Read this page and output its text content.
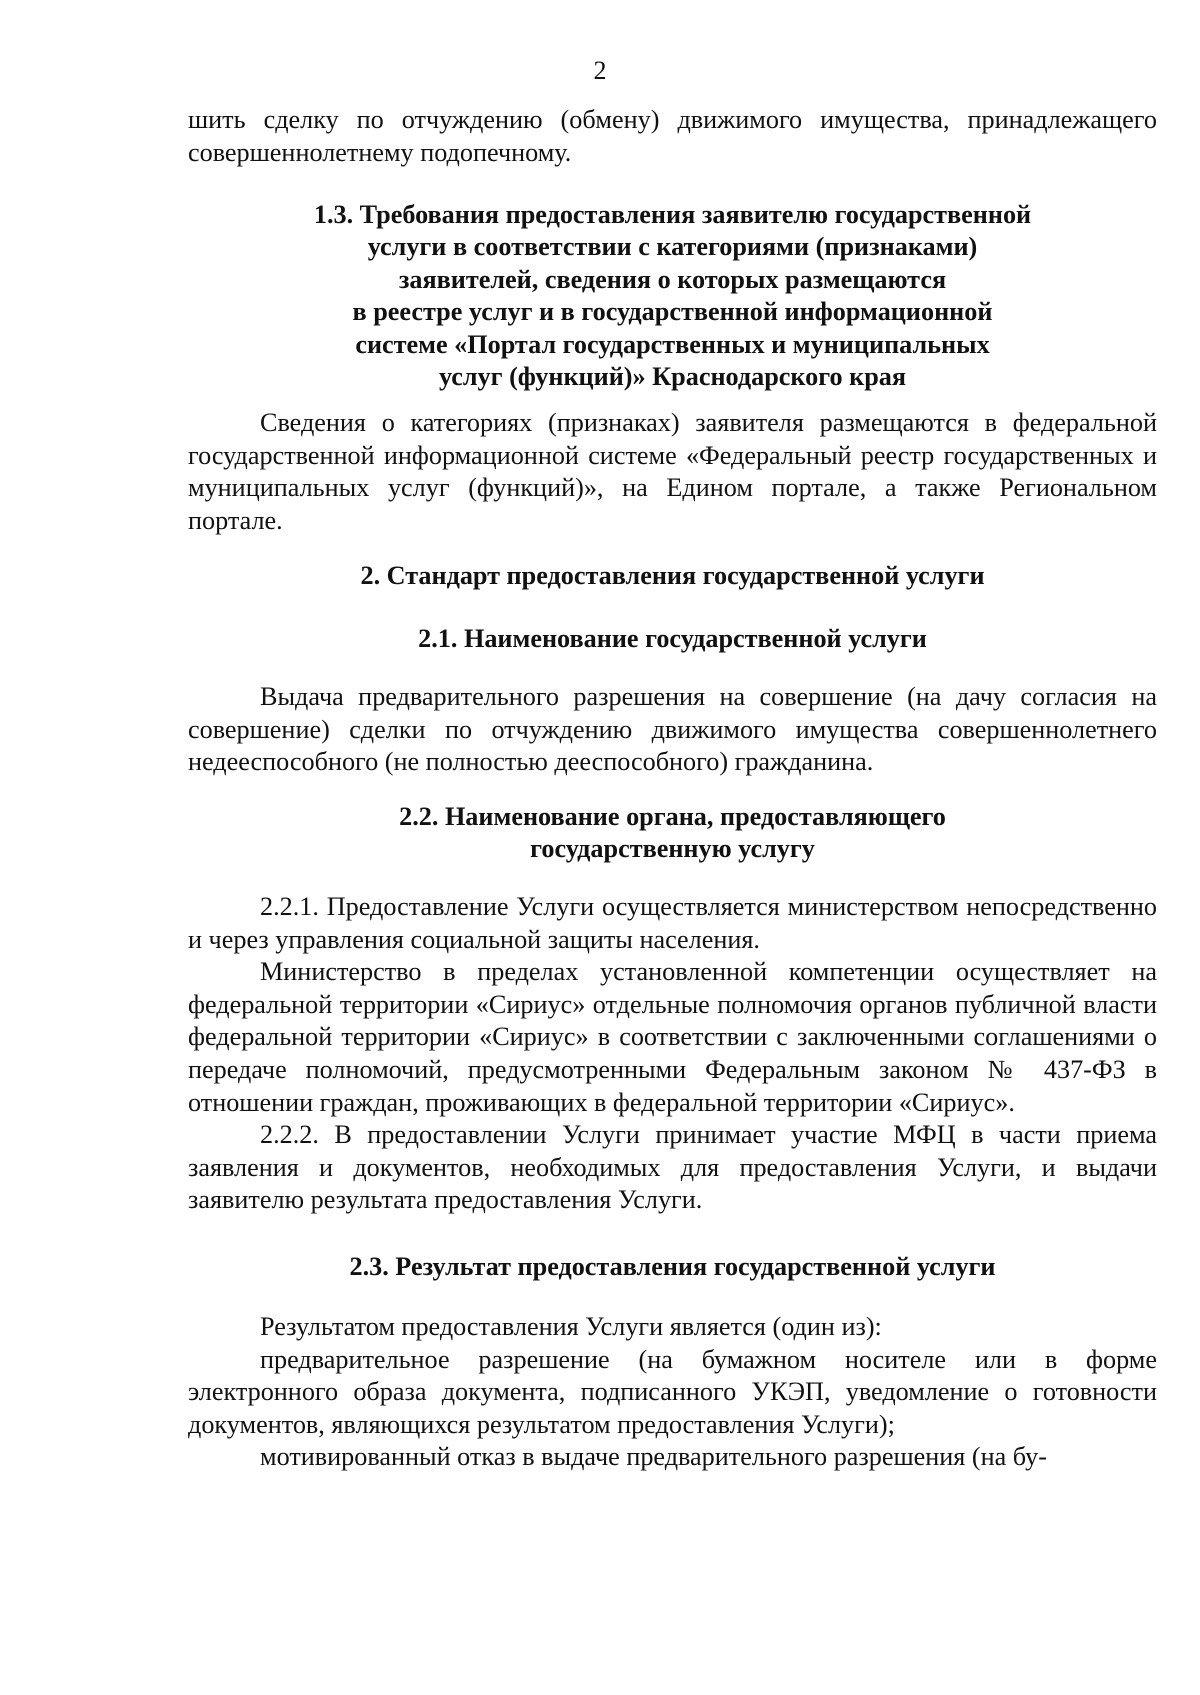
2

шить сделку по отчуждению (обмену) движимого имущества, принадлежащего совершеннолетнему подопечному.

1.3. Требования предоставления заявителю государственной
услуги в соответствии с категориями (признаками)
заявителей, сведения о которых размещаются
в реестре услуг и в государственной информационной
системе «Портал государственных и муниципальных
услуг (функций)» Краснодарского края

Сведения о категориях (признаках) заявителя размещаются в федеральной государственной информационной системе «Федеральный реестр государственных и муниципальных услуг (функций)», на Едином портале, а также Региональном портале.

2. Стандарт предоставления государственной услуги
2.1. Наименование государственной услуги

Выдача предварительного разрешения на совершение (на дачу согласия на совершение) сделки по отчуждению движимого имущества совершеннолетнего недееспособного (не полностью дееспособного) гражданина.

2.2. Наименование органа, предоставляющего
государственную услугу

2.2.1. Предоставление Услуги осуществляется министерством непосредственно и через управления социальной защиты населения.

Министерство в пределах установленной компетенции осуществляет на федеральной территории «Сириус» отдельные полномочия органов публичной власти федеральной территории «Сириус» в соответствии с заключенными соглашениями о передаче полномочий, предусмотренными Федеральным законом № 437-ФЗ в отношении граждан, проживающих в федеральной территории «Сириус».

2.2.2. В предоставлении Услуги принимает участие МФЦ в части приема заявления и документов, необходимых для предоставления Услуги, и выдачи заявителю результата предоставления Услуги.

2.3. Результат предоставления государственной услуги

Результатом предоставления Услуги является (один из):

предварительное разрешение (на бумажном носителе или в форме электронного образа документа, подписанного УКЭП, уведомление о готовности документов, являющихся результатом предоставления Услуги);

мотивированный отказ в выдаче предварительного разрешения (на бу-
